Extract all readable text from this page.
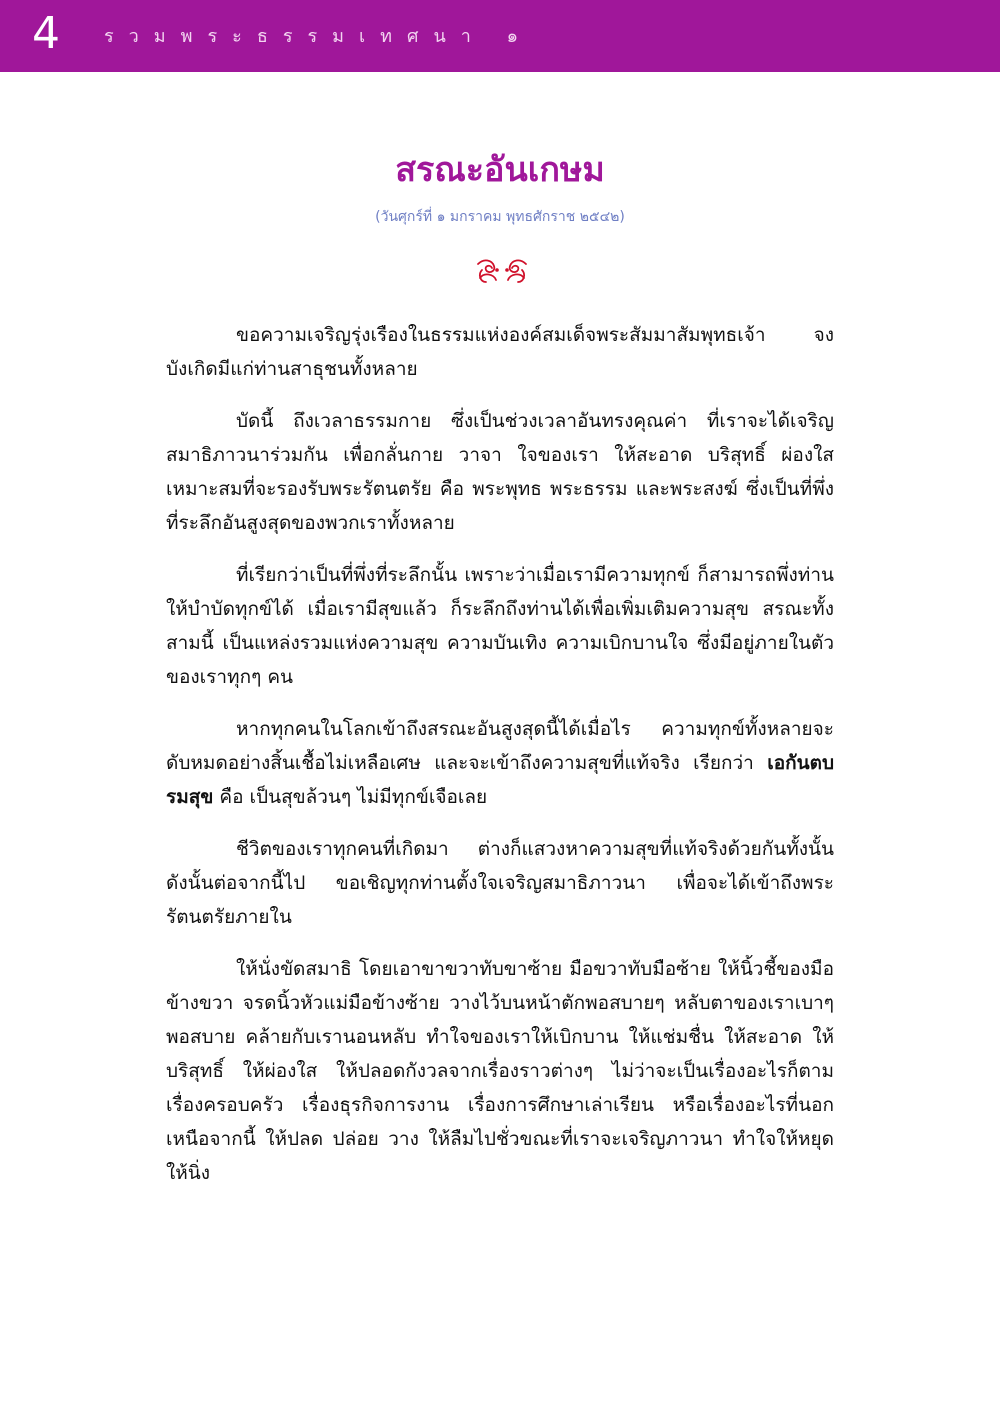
4 รวมพระธรรมเทศนา ๑
สรณะอันเกษม
(วันศุกร์ที่ ๑ มกราคม พุทธศักราช ๒๕๔๒)

ขอความเจริญรุ่งเรืองในธรรมแห่งองค์สมเด็จพระสัมมาสัมพุทธเจ้า จงบังเกิดมีแก่ท่านสาธุชนทั้งหลาย

บัดนี้ ถึงเวลาธรรมกาย ซึ่งเป็นช่วงเวลาอันทรงคุณค่า ที่เราจะได้เจริญสมาธิภาวนาร่วมกัน เพื่อกลั่นกาย วาจา ใจของเรา ให้สะอาด บริสุทธิ์ ผ่องใส เหมาะสมที่จะรองรับพระรัตนตรัย คือ พระพุทธ พระธรรม และพระสงฆ์ ซึ่งเป็นที่พึ่งที่ระลึกอันสูงสุดของพวกเราทั้งหลาย

ที่เรียกว่าเป็นที่พึ่งที่ระลึกนั้น เพราะว่าเมื่อเรามีความทุกข์ ก็สามารถพึ่งท่านให้บำบัดทุกข์ได้ เมื่อเรามีสุขแล้ว ก็ระลึกถึงท่านได้เพื่อเพิ่มเติมความสุข สรณะทั้งสามนี้ เป็นแหล่งรวมแห่งความสุข ความบันเทิง ความเบิกบานใจ ซึ่งมีอยู่ภายในตัวของเราทุกๆ คน

หากทุกคนในโลกเข้าถึงสรณะอันสูงสุดนี้ได้เมื่อไร ความทุกข์ทั้งหลายจะดับหมดอย่างสิ้นเชื้อไม่เหลือเศษ และจะเข้าถึงความสุขที่แท้จริง เรียกว่า เอกันตบรมสุข คือ เป็นสุขล้วนๆ ไม่มีทุกข์เจือเลย

ชีวิตของเราทุกคนที่เกิดมา ต่างก็แสวงหาความสุขที่แท้จริงด้วยกันทั้งนั้น ดังนั้นต่อจากนี้ไป ขอเชิญทุกท่านตั้งใจเจริญสมาธิภาวนา เพื่อจะได้เข้าถึงพระรัตนตรัยภายใน

ให้นั่งขัดสมาธิ โดยเอาขาขวาทับขาซ้าย มือขวาทับมือซ้าย ให้นิ้วชี้ของมือข้างขวา จรดนิ้วหัวแม่มือข้างซ้าย วางไว้บนหน้าตักพอสบายๆ หลับตาของเราเบาๆ พอสบาย คล้ายกับเรานอนหลับ ทำใจของเราให้เบิกบาน ให้แช่มชื่น ให้สะอาด ให้บริสุทธิ์ ให้ผ่องใส ให้ปลอดกังวลจากเรื่องราวต่างๆ ไม่ว่าจะเป็นเรื่องอะไรก็ตาม เรื่องครอบครัว เรื่องธุรกิจการงาน เรื่องการศึกษาเล่าเรียน หรือเรื่องอะไรที่นอกเหนือจากนี้ ให้ปลด ปล่อย วาง ให้ลืมไปชั่วขณะที่เราจะเจริญภาวนา ทำใจให้หยุดให้นิ่ง
